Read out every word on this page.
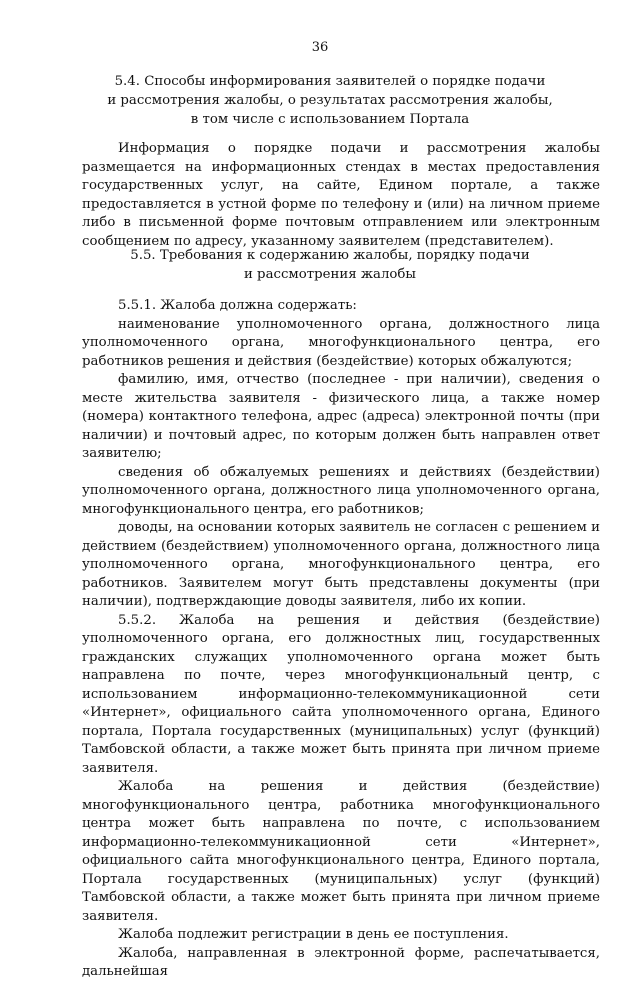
36
5.4. Способы информирования заявителей о порядке подачи
и рассмотрения жалобы, о результатах рассмотрения жалобы,
в том числе с использованием Портала

Информация о порядке подачи и рассмотрения жалобы размещается на информационных стендах в местах предоставления государственных услуг, на сайте, Едином портале, а также предоставляется в устной форме по телефону и (или) на личном приеме либо в письменной форме почтовым отправлением или электронным сообщением по адресу, указанному заявителем (представителем).

5.5. Требования к содержанию жалобы, порядку подачи
и рассмотрения жалобы

5.5.1. Жалоба должна содержать:

наименование уполномоченного органа, должностного лица уполномоченного органа, многофункционального центра, его работников решения и действия (бездействие) которых обжалуются;

фамилию, имя, отчество (последнее - при наличии), сведения о месте жительства заявителя - физического лица, а также номер (номера) контактного телефона, адрес (адреса) электронной почты (при наличии) и почтовый адрес, по которым должен быть направлен ответ заявителю;

сведения об обжалуемых решениях и действиях (бездействии) уполномоченного органа, должностного лица уполномоченного органа, многофункционального центра, его работников;

доводы, на основании которых заявитель не согласен с решением и действием (бездействием) уполномоченного органа, должностного лица уполномоченного органа, многофункционального центра, его работников. Заявителем могут быть представлены документы (при наличии), подтверждающие доводы заявителя, либо их копии.

5.5.2. Жалоба на решения и действия (бездействие) уполномоченного органа, его должностных лиц, государственных гражданских служащих уполномоченного органа может быть направлена по почте, через многофункциональный центр, с использованием информационно-телекоммуникационной сети «Интернет», официального сайта уполномоченного органа, Единого портала, Портала государственных (муниципальных) услуг (функций) Тамбовской области, а также может быть принята при личном приеме заявителя.

Жалоба на решения и действия (бездействие) многофункционального центра, работника многофункционального центра может быть направлена по почте, с использованием информационно-телекоммуникационной сети «Интернет», официального сайта многофункционального центра, Единого портала, Портала государственных (муниципальных) услуг (функций) Тамбовской области, а также может быть принята при личном приеме заявителя.

Жалоба подлежит регистрации в день ее поступления.

Жалоба, направленная в электронной форме, распечатывается, дальнейшая
